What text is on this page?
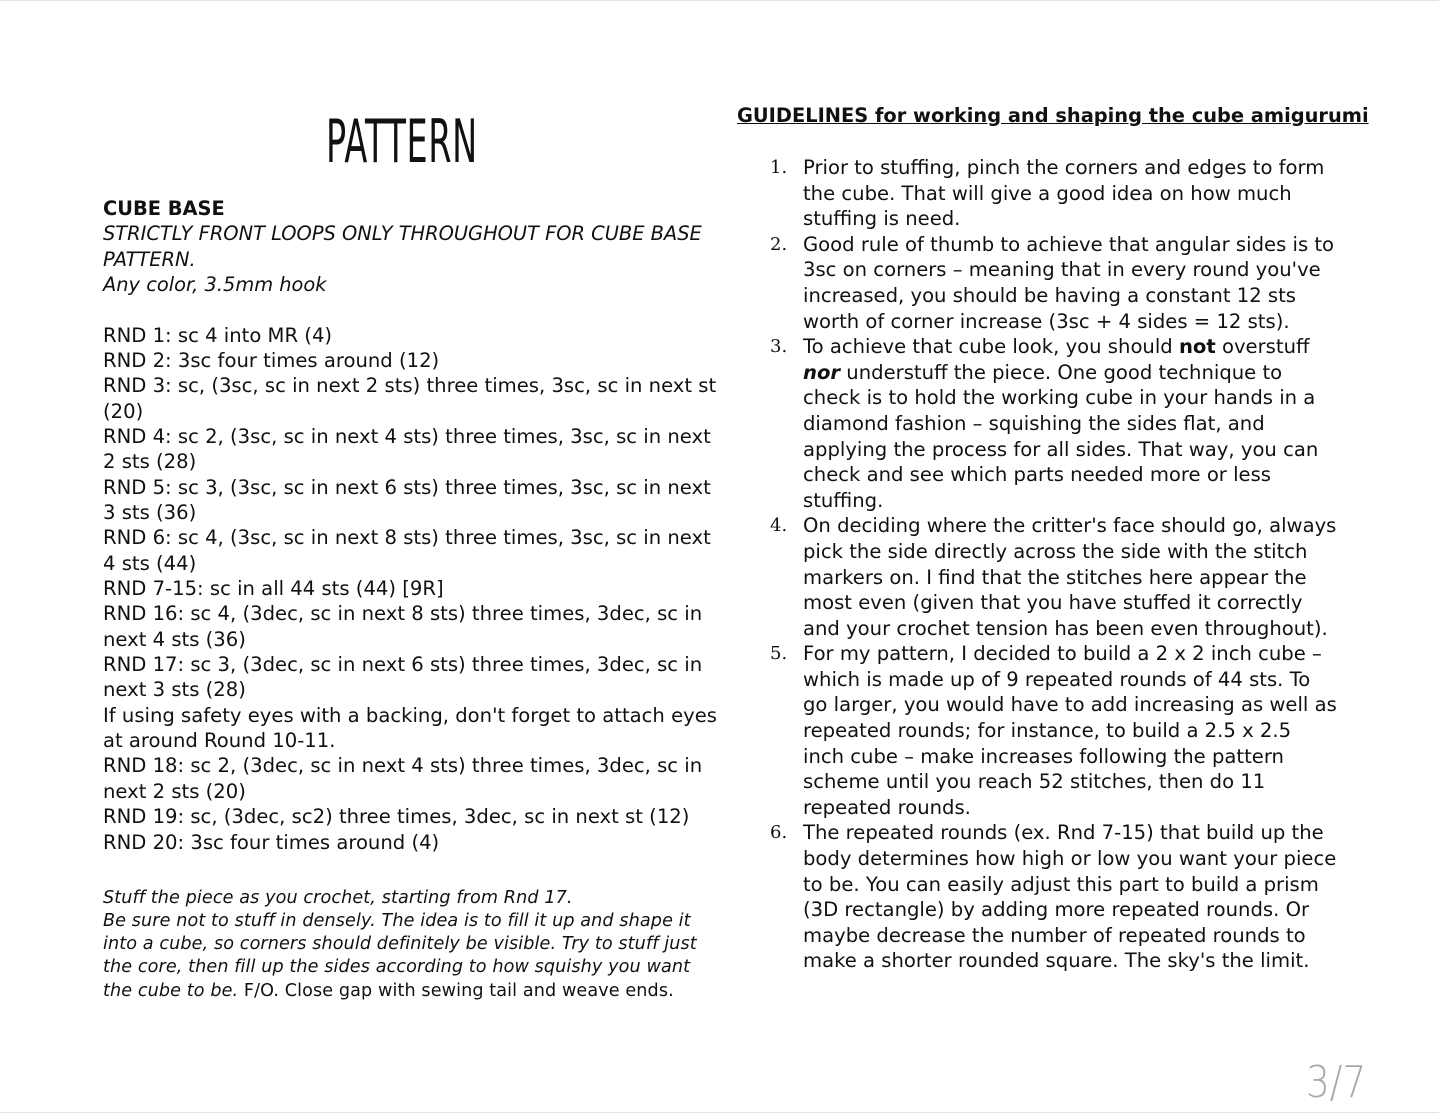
PATTERN
CUBE BASE
STRICTLY FRONT LOOPS ONLY THROUGHOUT FOR CUBE BASE
PATTERN.
Any color, 3.5mm hook
RND 1: sc 4 into MR (4)
RND 2: 3sc four times around (12)
RND 3: sc, (3sc, sc in next 2 sts) three times, 3sc, sc in next st
(20)
RND 4: sc 2, (3sc, sc in next 4 sts) three times, 3sc, sc in next
2 sts (28)
RND 5: sc 3, (3sc, sc in next 6 sts) three times, 3sc, sc in next
3 sts (36)
RND 6: sc 4, (3sc, sc in next 8 sts) three times, 3sc, sc in next
4 sts (44)
RND 7-15: sc in all 44 sts (44) [9R]
RND 16: sc 4, (3dec, sc in next 8 sts) three times, 3dec, sc in
next 4 sts (36)
RND 17: sc 3, (3dec, sc in next 6 sts) three times, 3dec, sc in
next 3 sts (28)
If using safety eyes with a backing, don't forget to attach eyes
at around Round 10-11.
RND 18: sc 2, (3dec, sc in next 4 sts) three times, 3dec, sc in
next 2 sts (20)
RND 19: sc, (3dec, sc2) three times, 3dec, sc in next st (12)
RND 20: 3sc four times around (4)
Stuff the piece as you crochet, starting from Rnd 17.
Be sure not to stuff in densely. The idea is to fill it up and shape it
into a cube, so corners should definitely be visible. Try to stuff just
the core, then fill up the sides according to how squishy you want
the cube to be. F/O. Close gap with sewing tail and weave ends.
GUIDELINES for working and shaping the cube amigurumi
1. Prior to stuffing, pinch the corners and edges to form
the cube. That will give a good idea on how much
stuffing is need.
2. Good rule of thumb to achieve that angular sides is to
3sc on corners – meaning that in every round you've
increased, you should be having a constant 12 sts
worth of corner increase (3sc + 4 sides = 12 sts).
3. To achieve that cube look, you should not overstuff
nor understuff the piece. One good technique to
check is to hold the working cube in your hands in a
diamond fashion – squishing the sides flat, and
applying the process for all sides. That way, you can
check and see which parts needed more or less
stuffing.
4. On deciding where the critter's face should go, always
pick the side directly across the side with the stitch
markers on. I find that the stitches here appear the
most even (given that you have stuffed it correctly
and your crochet tension has been even throughout).
5. For my pattern, I decided to build a 2 x 2 inch cube –
which is made up of 9 repeated rounds of 44 sts. To
go larger, you would have to add increasing as well as
repeated rounds; for instance, to build a 2.5 x 2.5
inch cube – make increases following the pattern
scheme until you reach 52 stitches, then do 11
repeated rounds.
6. The repeated rounds (ex. Rnd 7-15) that build up the
body determines how high or low you want your piece
to be. You can easily adjust this part to build a prism
(3D rectangle) by adding more repeated rounds. Or
maybe decrease the number of repeated rounds to
make a shorter rounded square. The sky's the limit.
3/7
